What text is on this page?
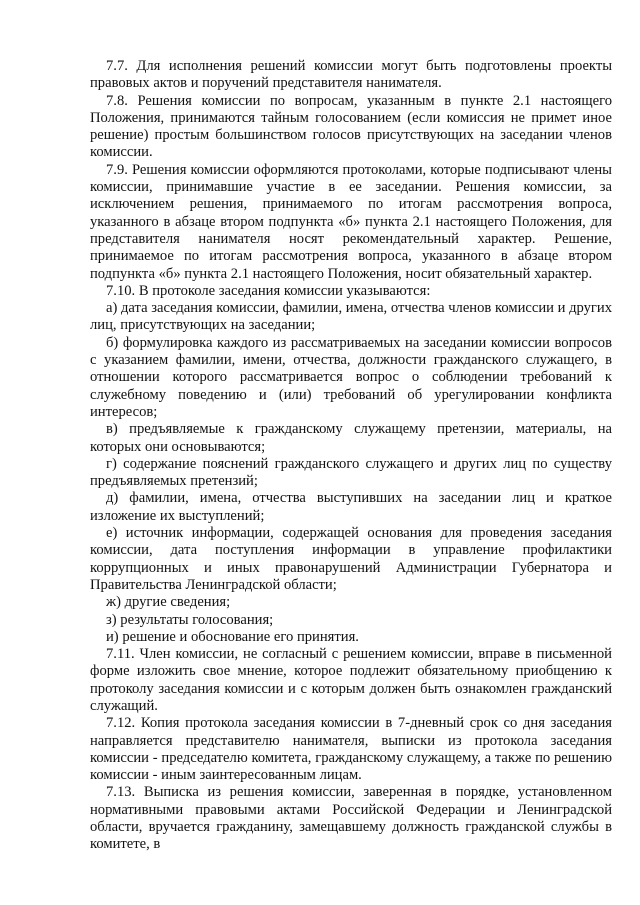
7.7. Для исполнения решений комиссии могут быть подготовлены проекты правовых актов и поручений представителя нанимателя.

7.8. Решения комиссии по вопросам, указанным в пункте 2.1 настоящего Положения, принимаются тайным голосованием (если комиссия не примет иное решение) простым большинством голосов присутствующих на заседании членов комиссии.

7.9. Решения комиссии оформляются протоколами, которые подписывают члены комиссии, принимавшие участие в ее заседании. Решения комиссии, за исключением решения, принимаемого по итогам рассмотрения вопроса, указанного в абзаце втором подпункта «б» пункта 2.1 настоящего Положения, для представителя нанимателя носят рекомендательный характер. Решение, принимаемое по итогам рассмотрения вопроса, указанного в абзаце втором подпункта «б» пункта 2.1 настоящего Положения, носит обязательный характер.

7.10. В протоколе заседания комиссии указываются:

а) дата заседания комиссии, фамилии, имена, отчества членов комиссии и других лиц, присутствующих на заседании;

б) формулировка каждого из рассматриваемых на заседании комиссии вопросов с указанием фамилии, имени, отчества, должности гражданского служащего, в отношении которого рассматривается вопрос о соблюдении требований к служебному поведению и (или) требований об урегулировании конфликта интересов;

в) предъявляемые к гражданскому служащему претензии, материалы, на которых они основываются;

г) содержание пояснений гражданского служащего и других лиц по существу предъявляемых претензий;

д) фамилии, имена, отчества выступивших на заседании лиц и краткое изложение их выступлений;

е) источник информации, содержащей основания для проведения заседания комиссии, дата поступления информации в управление профилактики коррупционных и иных правонарушений Администрации Губернатора и Правительства Ленинградской области;

ж) другие сведения;

з) результаты голосования;

и) решение и обоснование его принятия.

7.11. Член комиссии, не согласный с решением комиссии, вправе в письменной форме изложить свое мнение, которое подлежит обязательному приобщению к протоколу заседания комиссии и с которым должен быть ознакомлен гражданский служащий.

7.12. Копия протокола заседания комиссии в 7-дневный срок со дня заседания направляется представителю нанимателя, выписки из протокола заседания комиссии - председателю комитета, гражданскому служащему, а также по решению комиссии - иным заинтересованным лицам.

7.13. Выписка из решения комиссии, заверенная в порядке, установленном нормативными правовыми актами Российской Федерации и Ленинградской области, вручается гражданину, замещавшему должность гражданской службы в комитете, в
